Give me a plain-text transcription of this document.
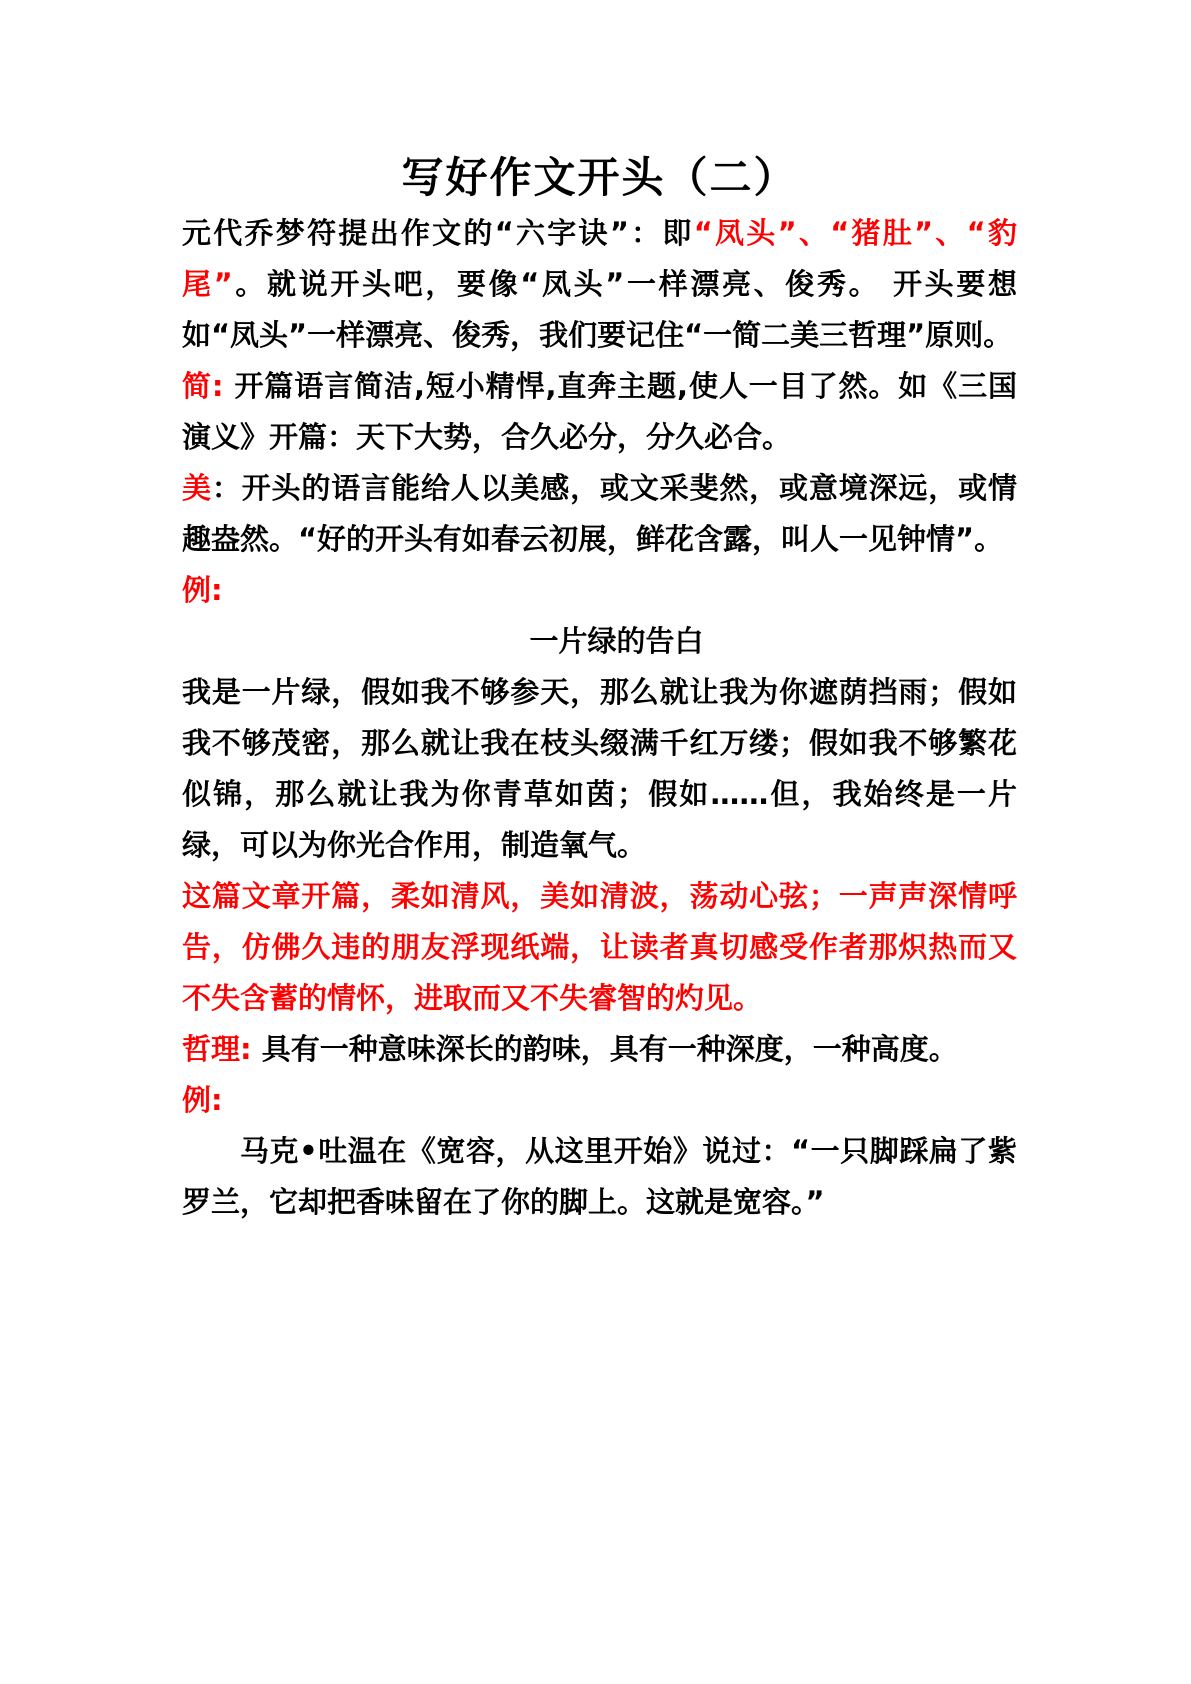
写好作文开头（二）

元代乔梦符提出作文的“六字诀”：即“凤头”、“猪肚”、“豹尾”。就说开头吧，要像“凤头”一样漂亮、俊秀。 开头要想如“凤头”一样漂亮、俊秀，我们要记住“一简二美三哲理”原则。

简: 开篇语言简洁,短小精悍,直奔主题,使人一目了然。如《三国演义》开篇：天下大势，合久必分，分久必合。

美：开头的语言能给人以美感，或文采斐然，或意境深远，或情趣盎然。“好的开头有如春云初展，鲜花含露，叫人一见钟情”。

例:

一片绿的告白

我是一片绿，假如我不够参天，那么就让我为你遮荫挡雨；假如我不够茂密，那么就让我在枝头缀满千红万缕；假如我不够繁花似锦，那么就让我为你青草如茵；假如……但，我始终是一片绿，可以为你光合作用，制造氧气。

这篇文章开篇，柔如清风，美如清波，荡动心弦；一声声深情呼告，仿佛久违的朋友浮现纸端，让读者真切感受作者那炽热而又不失含蓄的情怀，进取而又不失睿智的灼见。

哲理: 具有一种意味深长的韵味，具有一种深度，一种高度。

例:

马克•吐温在《宽容，从这里开始》说过：“一只脚踩扁了紫罗兰，它却把香味留在了你的脚上。这就是宽容。”
